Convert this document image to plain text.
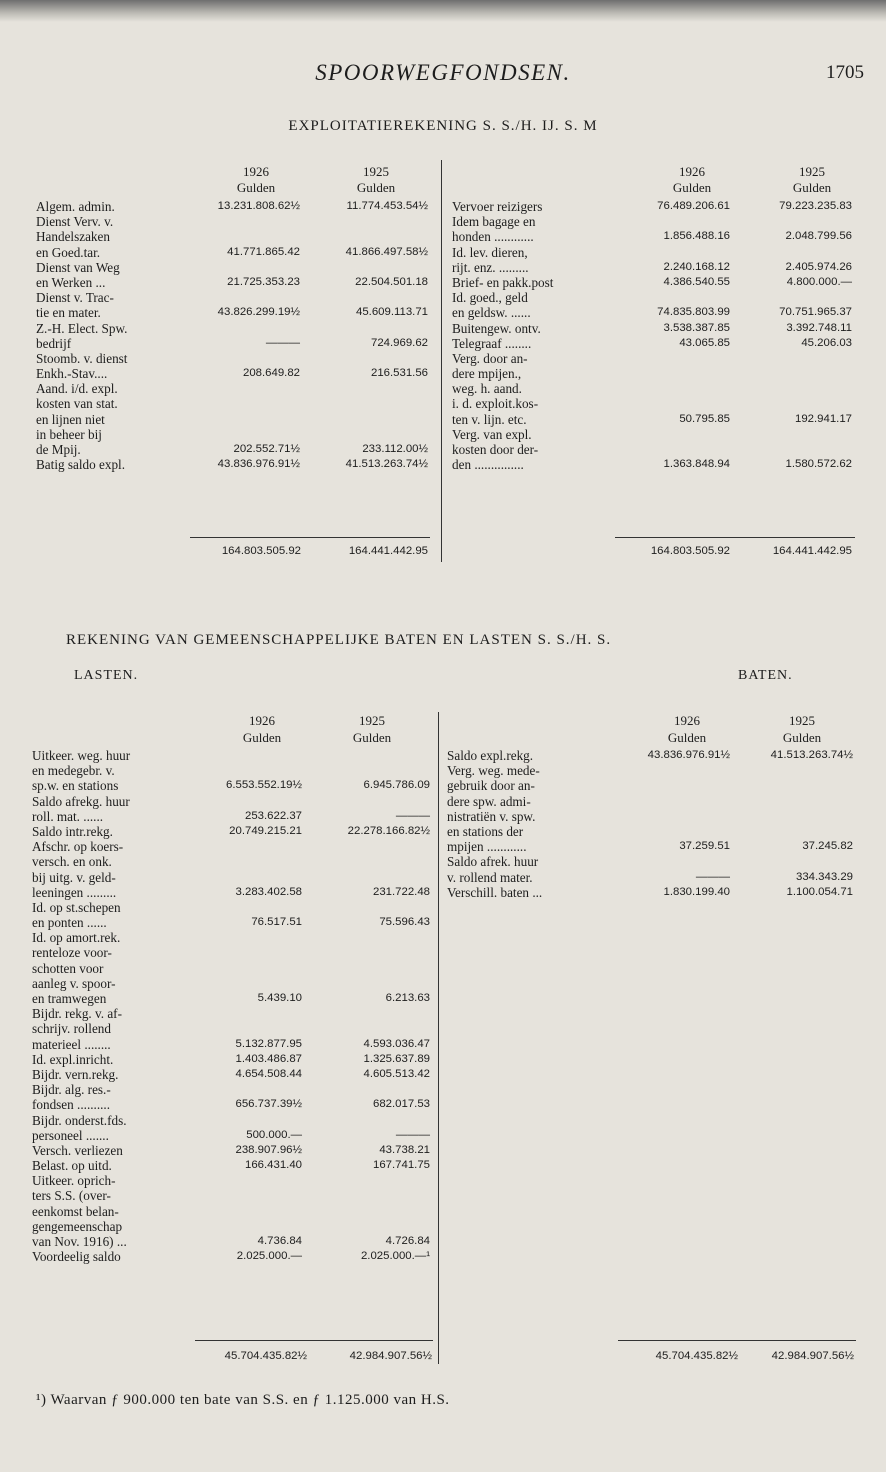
SPOORWEGFONDSEN.	1705
EXPLOITATIEREKENING S. S./H. IJ. S. M
1926	1925
Gulden	Gulden
Algem. admin.	13.231.808.62½	11.774.453.54½
Dienst Verv. v.
Handelszaken
en Goed.tar.	41.771.865.42	41.866.497.58½
Dienst van Weg
en Werken ...	21.725.353.23	22.504.501.18
Dienst v. Trac-
tie en mater.	43.826.299.19½	45.609.113.71
Z.-H. Elect. Spw.
bedrijf	———	724.969.62
Stoomb. v. dienst
Enkh.-Stav....	208.649.82	216.531.56
Aand. i/d. expl.
kosten van stat.
en lijnen niet
in beheer bij
de Mpij.	202.552.71½	233.112.00½
Batig saldo expl.	43.836.976.91½	41.513.263.74½
1926	1925
Gulden	Gulden
Vervoer reizigers	76.489.206.61	79.223.235.83
Idem bagage en
honden ............	1.856.488.16	2.048.799.56
Id. lev. dieren,
rijt. enz. .........	2.240.168.12	2.405.974.26
Brief- en pakk.post	4.386.540.55	4.800.000.—
Id. goed., geld
en geldsw. ......	74.835.803.99	70.751.965.37
Buitengew. ontv.	3.538.387.85	3.392.748.11
Telegraaf ........	43.065.85	45.206.03
Verg. door an-
dere mpijen.,
weg. h. aand.
i. d. exploit.kos-
ten v. lijn. etc.	50.795.85	192.941.17
Verg. van expl.
kosten door der-
den ...............	1.363.848.94	1.580.572.62
164.803.505.92	164.441.442.95	164.803.505.92	164.441.442.95
REKENING VAN GEMEENSCHAPPELIJKE BATEN EN LASTEN S. S./H. S.
LASTEN.	BATEN.
1926	1925
Gulden	Gulden
Uitkeer. weg. huur
en medegebr. v.
sp.w. en stations	6.553.552.19½	6.945.786.09
Saldo afrekg. huur
roll. mat. ......	253.622.37	———
Saldo intr.rekg.	20.749.215.21	22.278.166.82½
Afschr. op koers-
versch. en onk.
bij uitg. v. geld-
leeningen .........	3.283.402.58	231.722.48
Id. op st.schepen
en ponten ......	76.517.51	75.596.43
Id. op amort.rek.
renteloze voor-
schotten voor
aanleg v. spoor-
en tramwegen	5.439.10	6.213.63
Bijdr. rekg. v. af-
schrijv. rollend
materieel ........	5.132.877.95	4.593.036.47
Id. expl.inricht.	1.403.486.87	1.325.637.89
Bijdr. vern.rekg.	4.654.508.44	4.605.513.42
Bijdr. alg. res.-
fondsen ..........	656.737.39½	682.017.53
Bijdr. onderst.fds.
personeel .......	500.000.—	———
Versch. verliezen	238.907.96½	43.738.21
Belast. op uitd.	166.431.40	167.741.75
Uitkeer. oprich-
ters S.S. (over-
eenkomst belan-
gengemeenschap
van Nov. 1916) ...	4.736.84	4.726.84
Voordeelig saldo	2.025.000.—	2.025.000.—¹
1926	1925
Gulden	Gulden
Saldo expl.rekg.	43.836.976.91½	41.513.263.74½
Verg. weg. mede-
gebruik door an-
dere spw. admi-
nistratiën v. spw.
en stations der
mpijen ............	37.259.51	37.245.82
Saldo afrek. huur
v. rollend mater.	———	334.343.29
Verschill. baten ...	1.830.199.40	1.100.054.71
45.704.435.82½	42.984.907.56½	45.704.435.82½	42.984.907.56½
¹) Waarvan ƒ 900.000 ten bate van S.S. en ƒ 1.125.000 van H.S.
